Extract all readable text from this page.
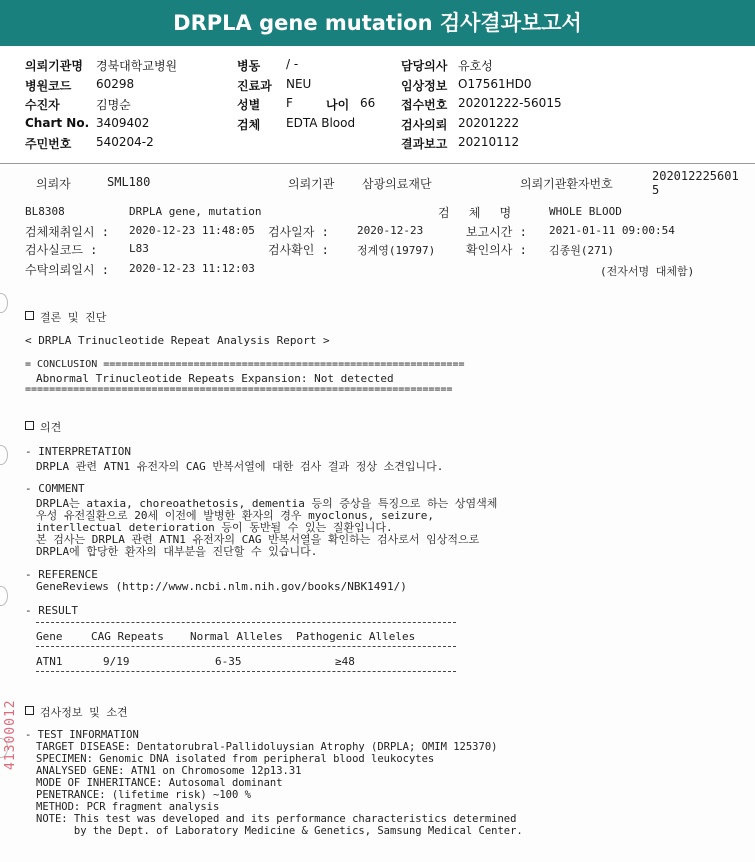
DRPLA gene mutation 검사결과보고서
의뢰기관명 경북대학교병원
병원코드 60298
수진자	김명순
Chart No. 3409402
주민번호 540204-2
병동 / -
진료과 NEU
성별 F	나이 66
검체 EDTA Blood
담당의사 유호성
임상정보 O17561HD0
접수번호 20201222-56015
검사의뢰 20201222
결과보고 20210112
의뢰자	SML180	의뢰기관 삼광의료재단	의뢰기관환자번호
202012225601
5
BL8308	DRPLA gene, mutation	검 체 명	WHOLE BLOOD
검체채취일시 : 2020-12-23 11:48:05 검사일자 :	2020-12-23	보고시간 : 2021-01-11 09:00:54
검사실코드 :	L83	검사확인 :	정계영(19797)	확인의사 : 김종원(271)
수탁의뢰일시 : 2020-12-23 11:12:03	(전자서명 대체함)
결론 및 진단
< DRPLA Trinucleotide Repeat Analysis Report >
= CONCLUSION ============================================================
Abnormal Trinucleotide Repeats Expansion: Not detected
=======================================================================
의견
- INTERPRETATION
DRPLA 관련 ATN1 유전자의 CAG 반복서열에 대한 검사 결과 정상 소견입니다.
- COMMENT
DRPLA는 ataxia, choreoathetosis, dementia 등의 증상을 특징으로 하는 상염색체
우성 유전질환으로 20세 이전에 발병한 환자의 경우 myoclonus, seizure,
interllectual deterioration 등이 동반될 수 있는 질환입니다.
본 검사는 DRPLA 관련 ATN1 유전자의 CAG 반복서열을 확인하는 검사로서 임상적으로
DRPLA에 합당한 환자의 대부분을 진단할 수 있습니다.
- REFERENCE
GeneReviews (http://www.ncbi.nlm.nih.gov/books/NBK1491/)
- RESULT
Gene	CAG Repeats Normal Alleles Pathogenic Alleles
ATN1	9/19	6-35	≥48
검사정보 및 소견
- TEST INFORMATION
TARGET DISEASE: Dentatorubral-Pallidoluysian Atrophy (DRPLA; OMIM 125370)
SPECIMEN: Genomic DNA isolated from peripheral blood leukocytes
ANALYSED GENE: ATN1 on Chromosome 12p13.31
MODE OF INHERITANCE: Autosomal dominant
PENETRANCE: (lifetime risk) ~100 %
METHOD: PCR fragment analysis
NOTE: This test was developed and its performance characteristics determined
by the Dept. of Laboratory Medicine & Genetics, Samsung Medical Center.
41300012
